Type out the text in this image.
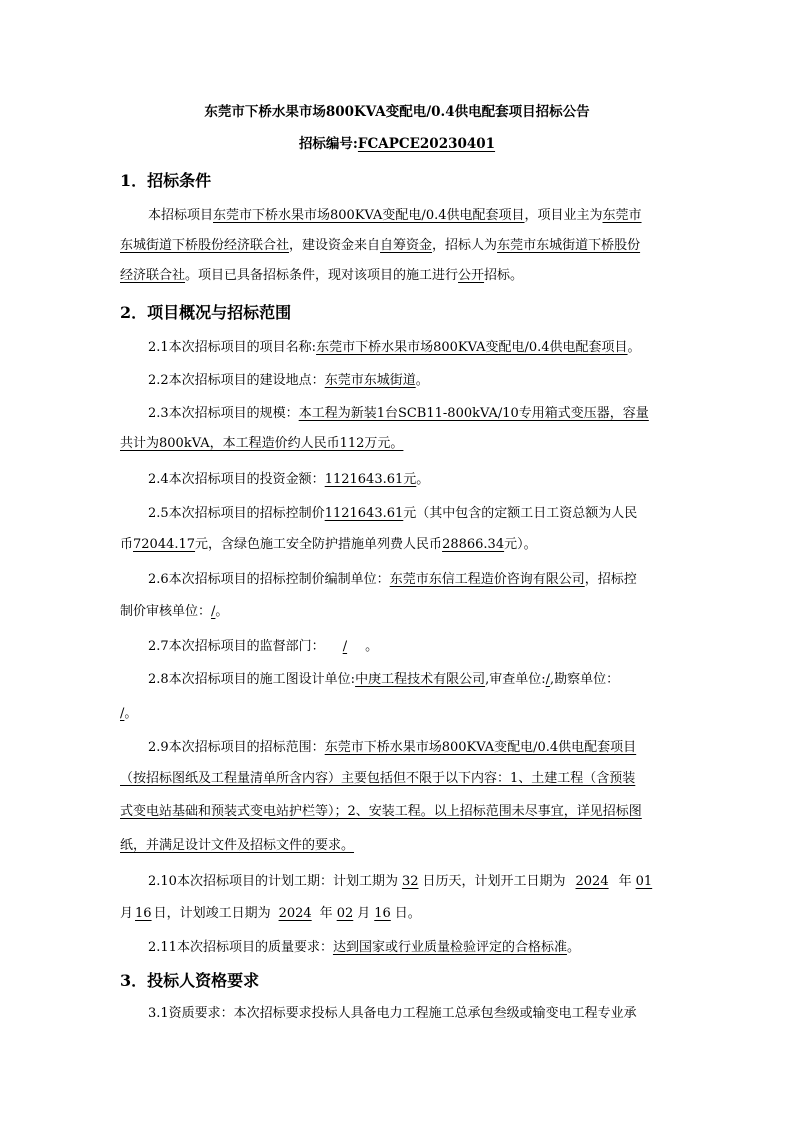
东莞市下桥水果市场800KVA变配电/0.4供电配套项目招标公告
招标编号:FCAPCE20230401
1．招标条件
本招标项目东莞市下桥水果市场800KVA变配电/0.4供电配套项目，项目业主为东莞市
东城街道下桥股份经济联合社，建设资金来自自筹资金，招标人为东莞市东城街道下桥股份
经济联合社。项目已具备招标条件，现对该项目的施工进行公开招标。
2．项目概况与招标范围
2.1本次招标项目的项目名称:东莞市下桥水果市场800KVA变配电/0.4供电配套项目。
2.2本次招标项目的建设地点：东莞市东城街道。
2.3本次招标项目的规模：本工程为新装1台SCB11-800kVA/10专用箱式变压器，容量
共计为800kVA，本工程造价约人民币112万元。
2.4本次招标项目的投资金额：1121643.61元。
2.5本次招标项目的招标控制价1121643.61元（其中包含的定额工日工资总额为人民
币72044.17元，含绿色施工安全防护措施单列费人民币28866.34元）。
2.6本次招标项目的招标控制价编制单位：东莞市东信工程造价咨询有限公司，招标控
制价审核单位：/。
2.7本次招标项目的监督部门： / 。
2.8本次招标项目的施工图设计单位:中庚工程技术有限公司,审查单位:/,勘察单位：
/。
2.9本次招标项目的招标范围：东莞市下桥水果市场800KVA变配电/0.4供电配套项目
（按招标图纸及工程量清单所含内容）主要包括但不限于以下内容：1、土建工程（含预装
式变电站基础和预装式变电站护栏等）；2、安装工程。以上招标范围未尽事宜，详见招标图
纸，并满足设计文件及招标文件的要求。
2.10本次招标项目的计划工期：计划工期为 32 日历天，计划开工日期为 2024 年 01
月 16 日，计划竣工日期为 2024 年 02 月 16 日。
2.11本次招标项目的质量要求：达到国家或行业质量检验评定的合格标准。
3．投标人资格要求
3.1资质要求：本次招标要求投标人具备电力工程施工总承包叁级或输变电工程专业承
